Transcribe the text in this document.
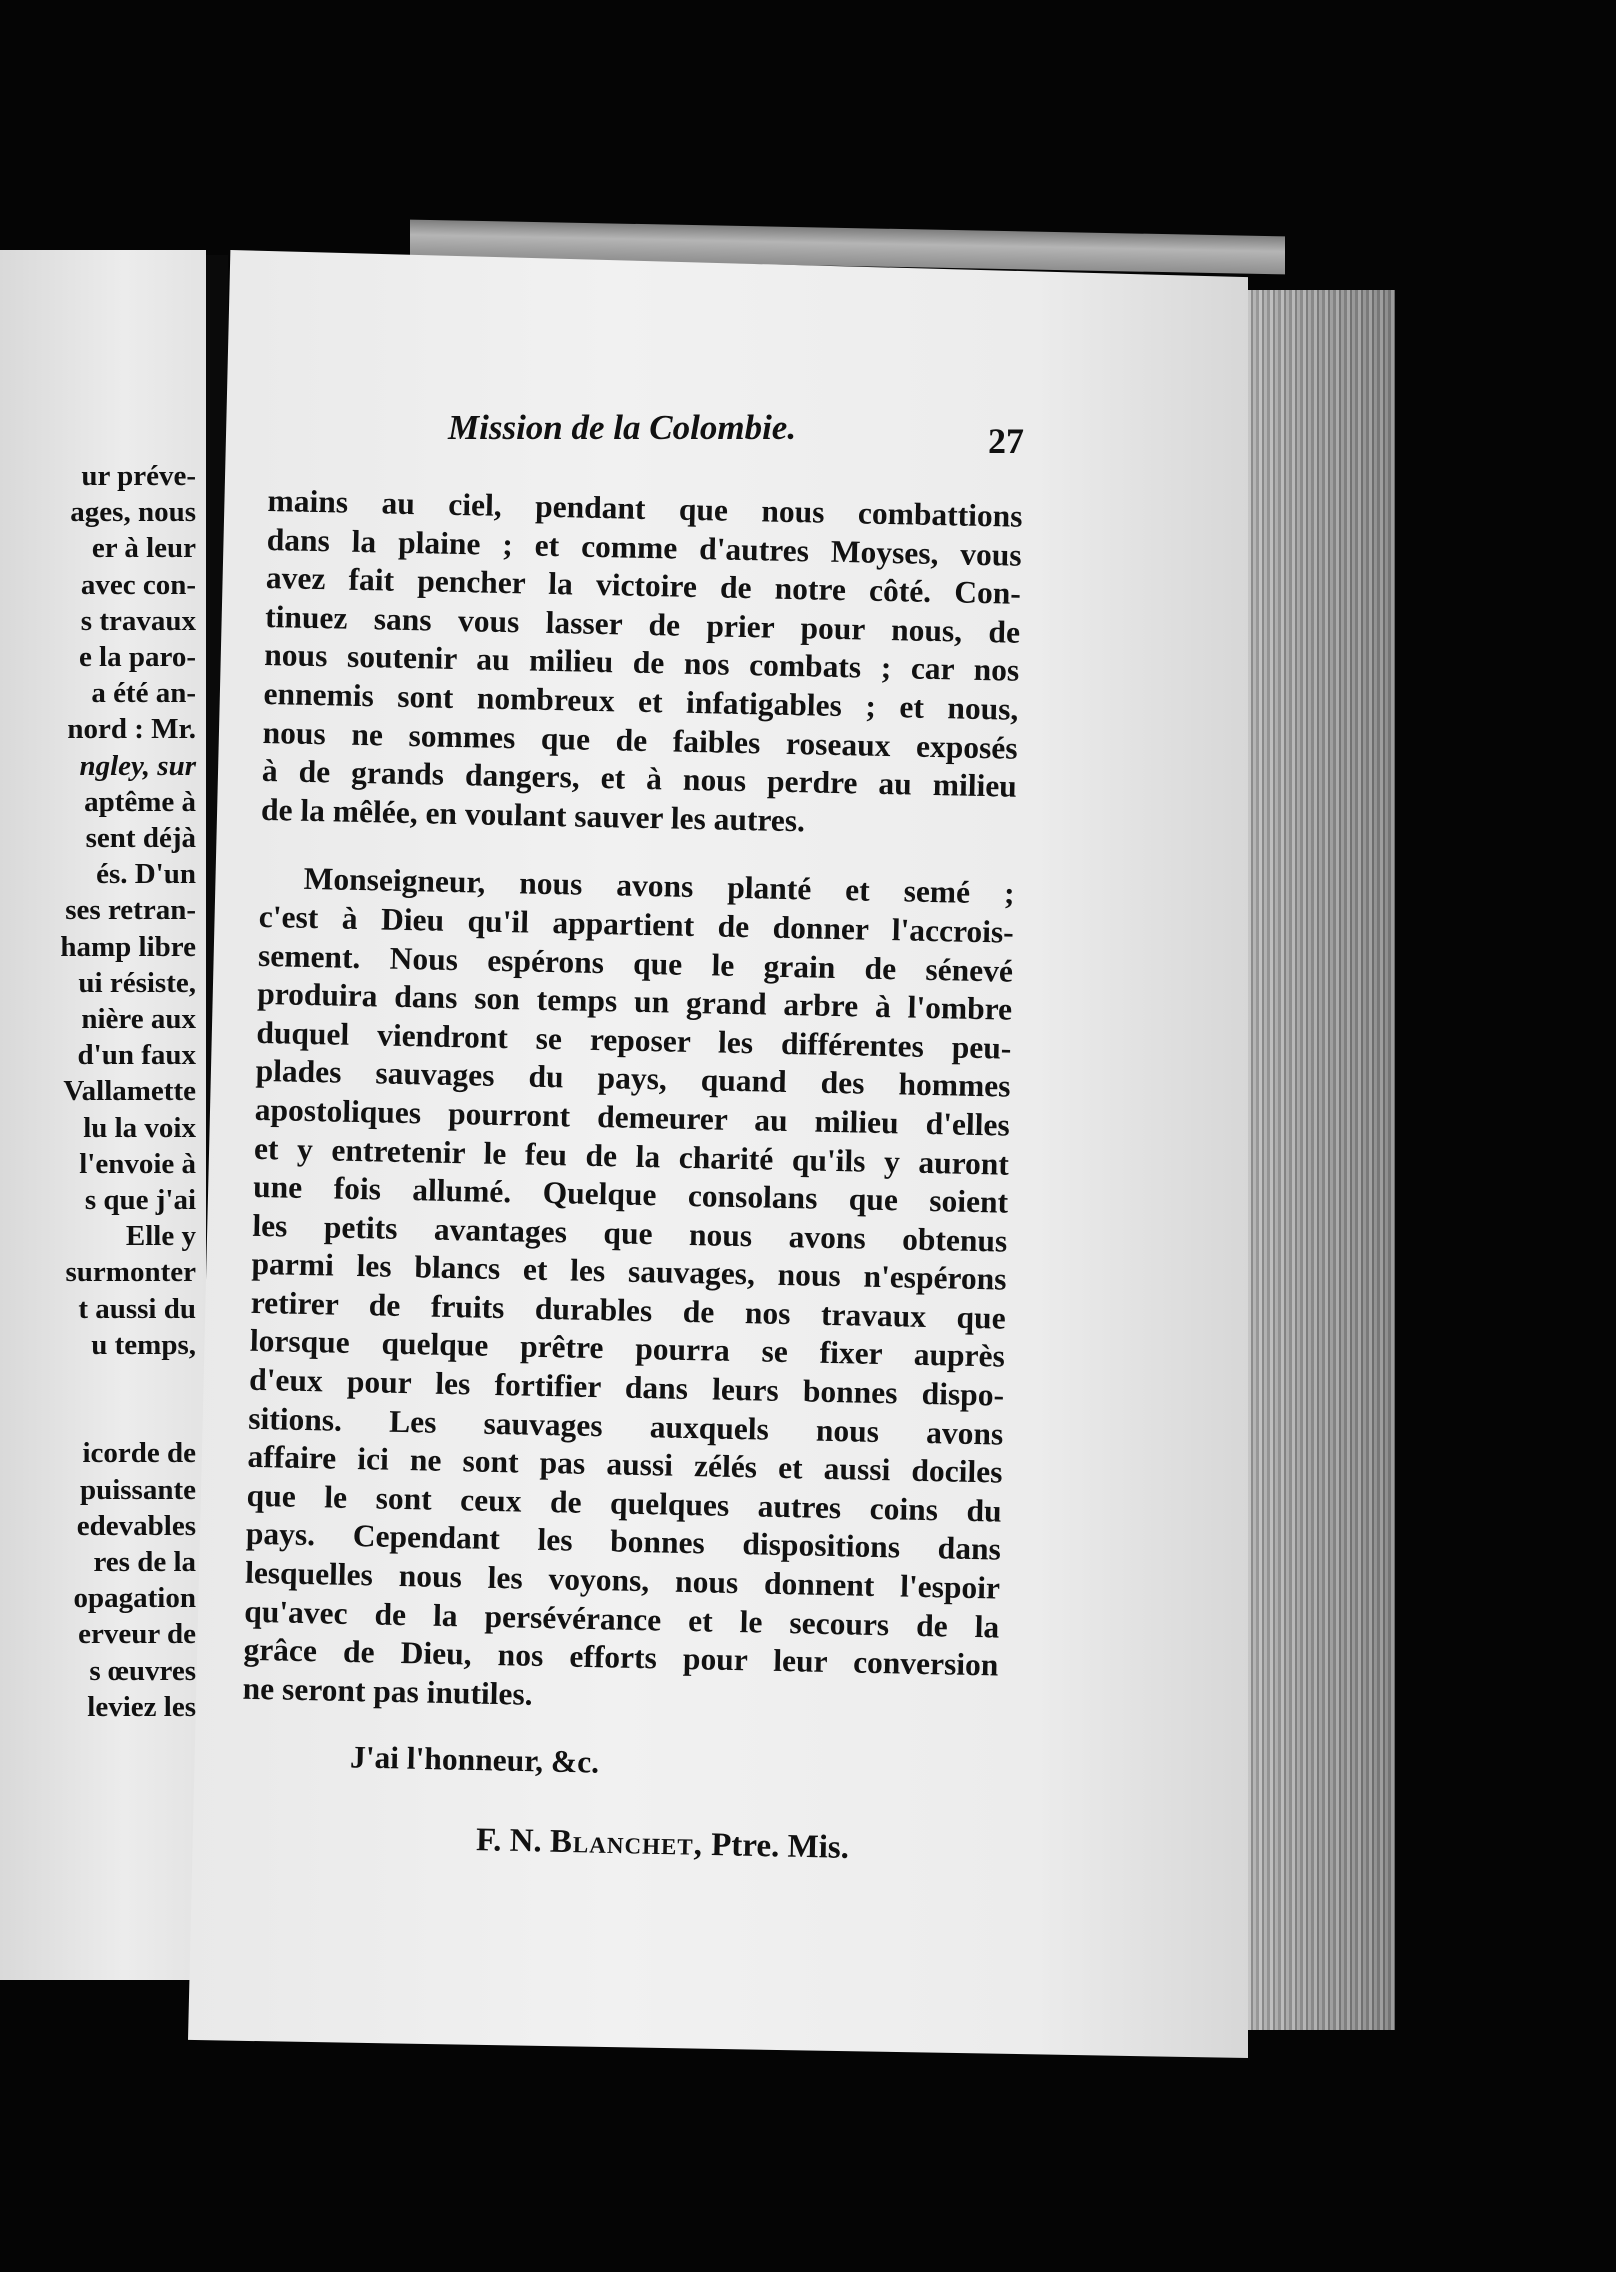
ur préve-
ages, nous
er à leur
avec con-
s travaux
e la paro-
a été an-
nord : Mr.
ngley, sur
aptême à
sent déjà
és. D'un
ses retran-
hamp libre
ui résiste,
nière aux
d'un faux
Vallamette
lu la voix
l'envoie à
s que j'ai
Elle y
surmonter
t aussi du
u temps,
icorde de
puissante
edevables
res de la
opagation
erveur de
s œuvres
leviez les
Mission de la Colombie.	27
mains au ciel, pendant que nous combattions
dans la plaine ; et comme d'autres Moyses, vous
avez fait pencher la victoire de notre côté. Con-
tinuez sans vous lasser de prier pour nous, de
nous soutenir au milieu de nos combats ; car nos
ennemis sont nombreux et infatigables ; et nous,
nous ne sommes que de faibles roseaux exposés
à de grands dangers, et à nous perdre au milieu
de la mêlée, en voulant sauver les autres.
Monseigneur, nous avons planté et semé ;
c'est à Dieu qu'il appartient de donner l'accrois-
sement. Nous espérons que le grain de sénevé
produira dans son temps un grand arbre à l'ombre
duquel viendront se reposer les différentes peu-
plades sauvages du pays, quand des hommes
apostoliques pourront demeurer au milieu d'elles
et y entretenir le feu de la charité qu'ils y auront
une fois allumé. Quelque consolans que soient
les petits avantages que nous avons obtenus
parmi les blancs et les sauvages, nous n'espérons
retirer de fruits durables de nos travaux que
lorsque quelque prêtre pourra se fixer auprès
d'eux pour les fortifier dans leurs bonnes dispo-
sitions. Les sauvages auxquels nous avons
affaire ici ne sont pas aussi zélés et aussi dociles
que le sont ceux de quelques autres coins du
pays. Cependant les bonnes dispositions dans
lesquelles nous les voyons, nous donnent l'espoir
qu'avec de la persévérance et le secours de la
grâce de Dieu, nos efforts pour leur conversion
ne seront pas inutiles.
J'ai l'honneur, &c.
F. N. Blanchet, Ptre. Mis.
